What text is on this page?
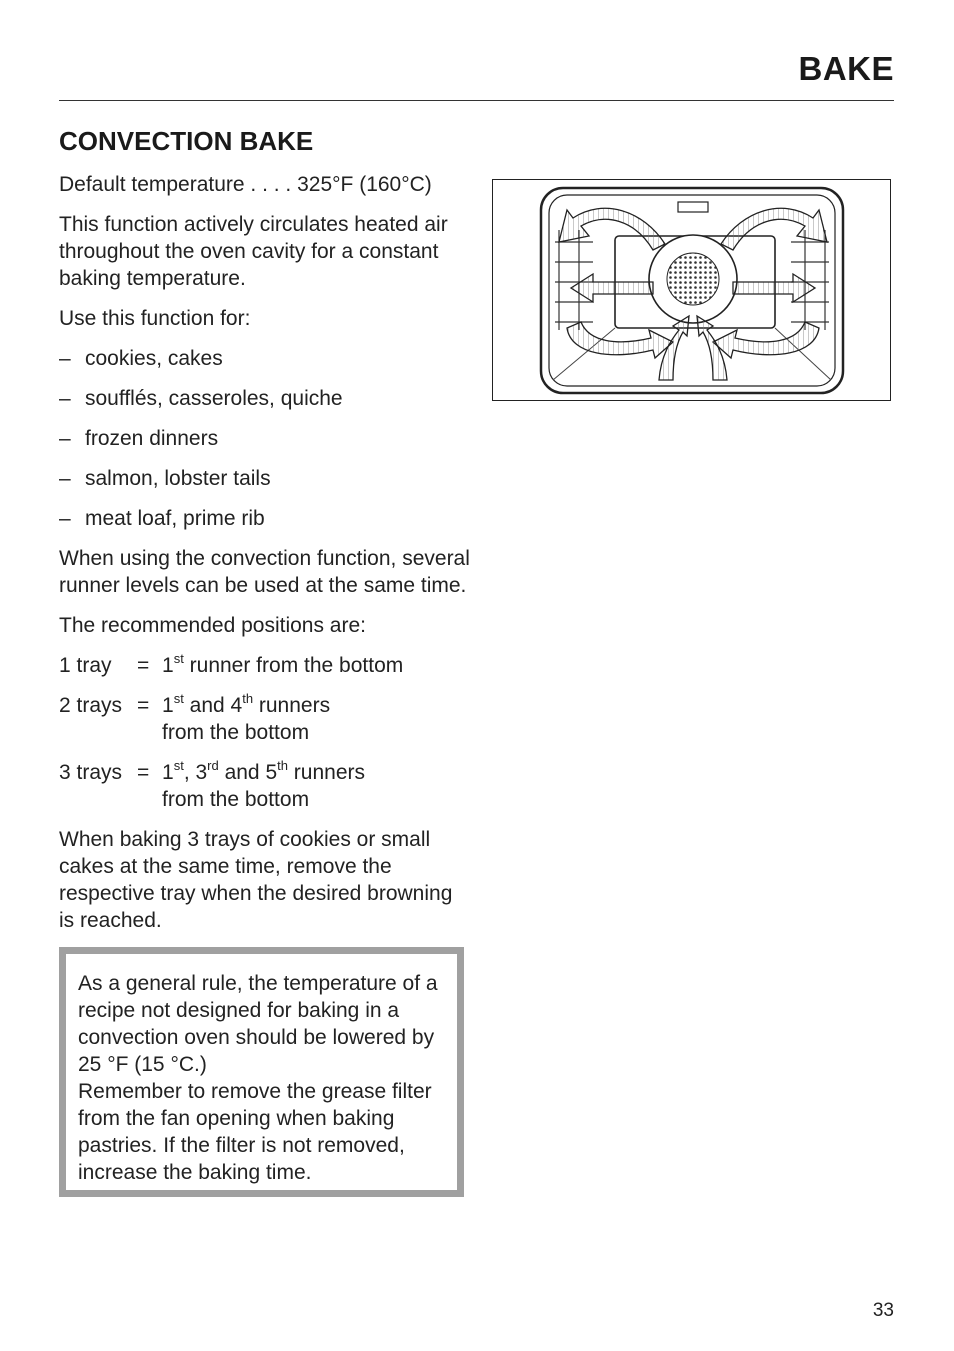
BAKE
CONVECTION BAKE
Default temperature . . . . 325°F (160°C)
This function actively circulates heated air throughout the oven cavity for a constant baking temperature.
Use this function for:
– cookies, cakes
– soufflés, casseroles, quiche
– frozen dinners
– salmon, lobster tails
– meat loaf, prime rib
When using the convection function, several runner levels can be used at the same time.
The recommended positions are:
1 tray	= 1st runner from the bottom
2 trays = 1st and 4th runners
from the bottom
3 trays = 1st, 3rd and 5th runners
from the bottom
When baking 3 trays of cookies or small cakes at the same time, remove the respective tray when the desired browning is reached.
As a general rule, the temperature of a recipe not designed for baking in a convection oven should be lowered by 25 °F (15 °C.)
Remember to remove the grease filter from the fan opening when baking pastries. If the filter is not removed, increase the baking time.
33
